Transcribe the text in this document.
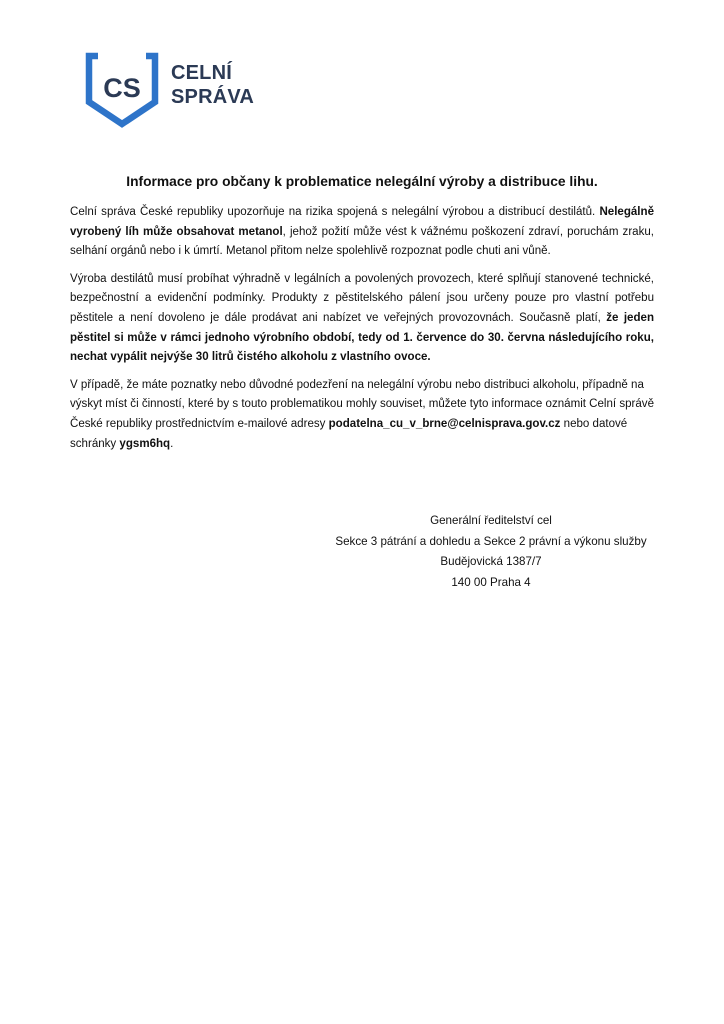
CS CELNÍ
SPRÁVA
Informace pro občany k problematice nelegální výroby a distribuce lihu.

Celní správa České republiky upozorňuje na rizika spojená s nelegální výrobou a distribucí destilátů. Nelegálně vyrobený líh může obsahovat metanol, jehož požití může vést k vážnému poškození zdraví, poruchám zraku, selhání orgánů nebo i k úmrtí. Metanol přitom nelze spolehlivě rozpoznat podle chuti ani vůně.

Výroba destilátů musí probíhat výhradně v legálních a povolených provozech, které splňují stanovené technické, bezpečnostní a evidenční podmínky. Produkty z pěstitelského pálení jsou určeny pouze pro vlastní potřebu pěstitele a není dovoleno je dále prodávat ani nabízet ve veřejných provozovnách. Současně platí, že jeden pěstitel si může v rámci jednoho výrobního období, tedy od 1. července do 30. června následujícího roku, nechat vypálit nejvýše 30 litrů čistého alkoholu z vlastního ovoce.

V případě, že máte poznatky nebo důvodné podezření na nelegální výrobu nebo distribuci alkoholu, případně na výskyt míst či činností, které by s touto problematikou mohly souviset, můžete tyto informace oznámit Celní správě České republiky prostřednictvím e-mailové adresy podatelna_cu_v_brne@celnisprava.gov.cz nebo datové schránky ygsm6hq.

Generální ředitelství cel
Sekce 3 pátrání a dohledu a Sekce 2 právní a výkonu služby
Budějovická 1387/7
140 00 Praha 4
